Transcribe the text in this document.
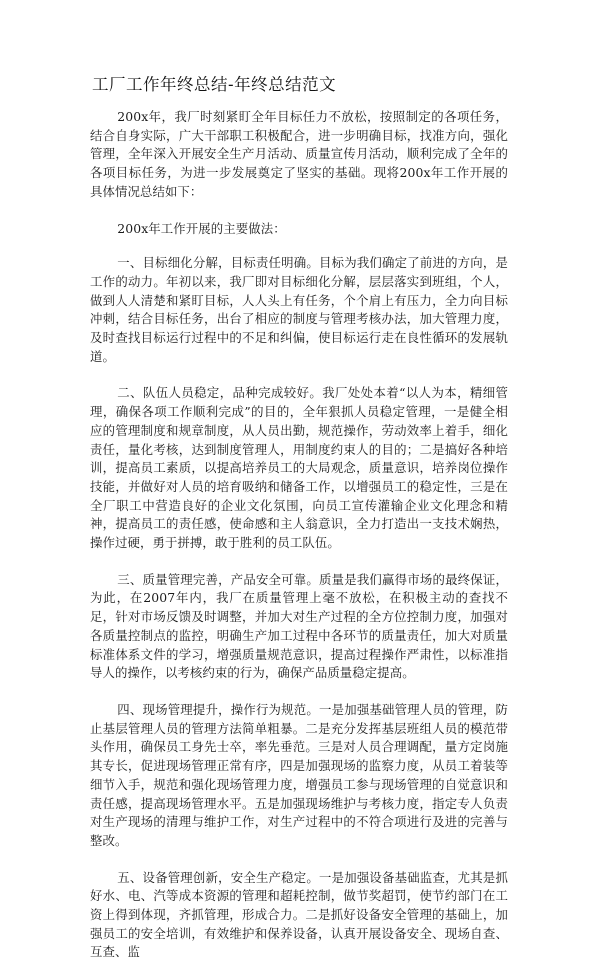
工厂工作年终总结-年终总结范文

200x年，我厂时刻紧盯全年目标任力不放松，按照制定的各项任务，结合自身实际，广大干部职工积极配合，进一步明确目标，找准方向，强化管理，全年深入开展安全生产月活动、质量宣传月活动，顺利完成了全年的各项目标任务，为进一步发展奠定了坚实的基础。现将200x年工作开展的具体情况总结如下：

200x年工作开展的主要做法：

一、目标细化分解，目标责任明确。目标为我们确定了前进的方向，是工作的动力。年初以来，我厂即对目标细化分解，层层落实到班组，个人，做到人人清楚和紧盯目标，人人头上有任务，个个肩上有压力，全力向目标冲刺，结合目标任务，出台了相应的制度与管理考核办法，加大管理力度，及时查找目标运行过程中的不足和纠偏，使目标运行走在良性循环的发展轨道。

二、队伍人员稳定，品种完成较好。我厂处处本着“以人为本，精细管理，确保各项工作顺利完成”的目的，全年狠抓人员稳定管理，一是健全相应的管理制度和规章制度，从人员出勤，规范操作，劳动效率上着手，细化责任，量化考核，达到制度管理人，用制度约束人的目的；二是搞好各种培训，提高员工素质，以提高培养员工的大局观念，质量意识，培养岗位操作技能，并做好对人员的培育吸纳和储备工作，以增强员工的稳定性，三是在全厂职工中营造良好的企业文化氛围，向员工宣传灌输企业文化理念和精神，提高员工的责任感，使命感和主人翁意识，全力打造出一支技术娴热，操作过硬，勇于拼搏，敢于胜利的员工队伍。

三、质量管理完善，产品安全可靠。质量是我们赢得市场的最终保证，为此，在2007年内，我厂在质量管理上毫不放松，在积极主动的查找不足，针对市场反馈及时调整，并加大对生产过程的全方位控制力度，加强对各质量控制点的监控，明确生产加工过程中各环节的质量责任，加大对质量标准体系文件的学习，增强质量规范意识，提高过程操作严肃性，以标准指导人的操作，以考核约束的行为，确保产品质量稳定提高。

四、现场管理提升，操作行为规范。一是加强基础管理人员的管理，防止基层管理人员的管理方法简单粗暴。二是充分发挥基层班组人员的模范带头作用，确保员工身先士卒，率先垂范。三是对人员合理调配，量方定岗施其专长，促进现场管理正常有序，四是加强现场的监察力度，从员工着装等细节入手，规范和强化现场管理力度，增强员工参与现场管理的自觉意识和责任感，提高现场管理水平。五是加强现场维护与考核力度，指定专人负责对生产现场的清理与维护工作，对生产过程中的不符合项进行及进的完善与整改。

五、设备管理创新，安全生产稳定。一是加强设备基础监查，尤其是抓好水、电、汽等成本资源的管理和超耗控制，做节奖超罚，使节约部门在工资上得到体现，齐抓管理，形成合力。二是抓好设备安全管理的基础上，加强员工的安全培训，有效维护和保养设备，认真开展设备安全、现场自查、互查、监
